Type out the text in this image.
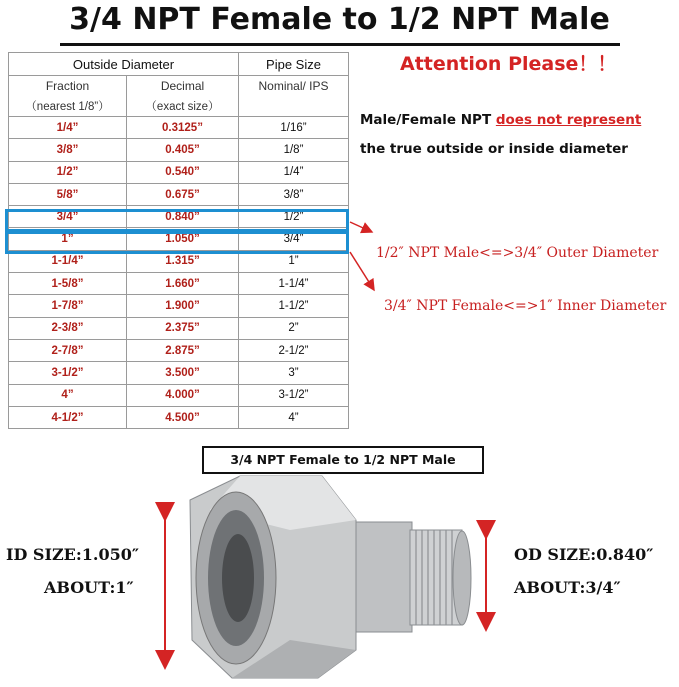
3/4 NPT Female to 1/2 NPT Male
Outside Diameter		Pipe Size
Fraction	Decimal	Nominal/ IPS
（nearest 1/8”）	（exact size）	
1/4”	0.3125”	1/16”
3/8”	0.405”	1/8”
1/2”	0.540”	1/4”
5/8”	0.675”	3/8”
3/4”	0.840”	1/2”
1”	1.050”	3/4”
1-1/4”	1.315”	1”
1-5/8”	1.660”	1-1/4”
1-7/8”	1.900”	1-1/2”
2-3/8”	2.375”	2”
2-7/8”	2.875”	2-1/2”
3-1/2”	3.500”	3”
4”	4.000”	3-1/2”
4-1/2”	4.500”	4”
Attention Please！！
Male/Female NPT does not represent
the true outside or inside diameter
1/2″ NPT Male<=>3/4″ Outer Diameter
3/4″ NPT Female<=>1″ Inner Diameter
3/4 NPT Female to 1/2 NPT Male
ID SIZE:1.050″
ABOUT:1″
OD SIZE:0.840″
ABOUT:3/4″
